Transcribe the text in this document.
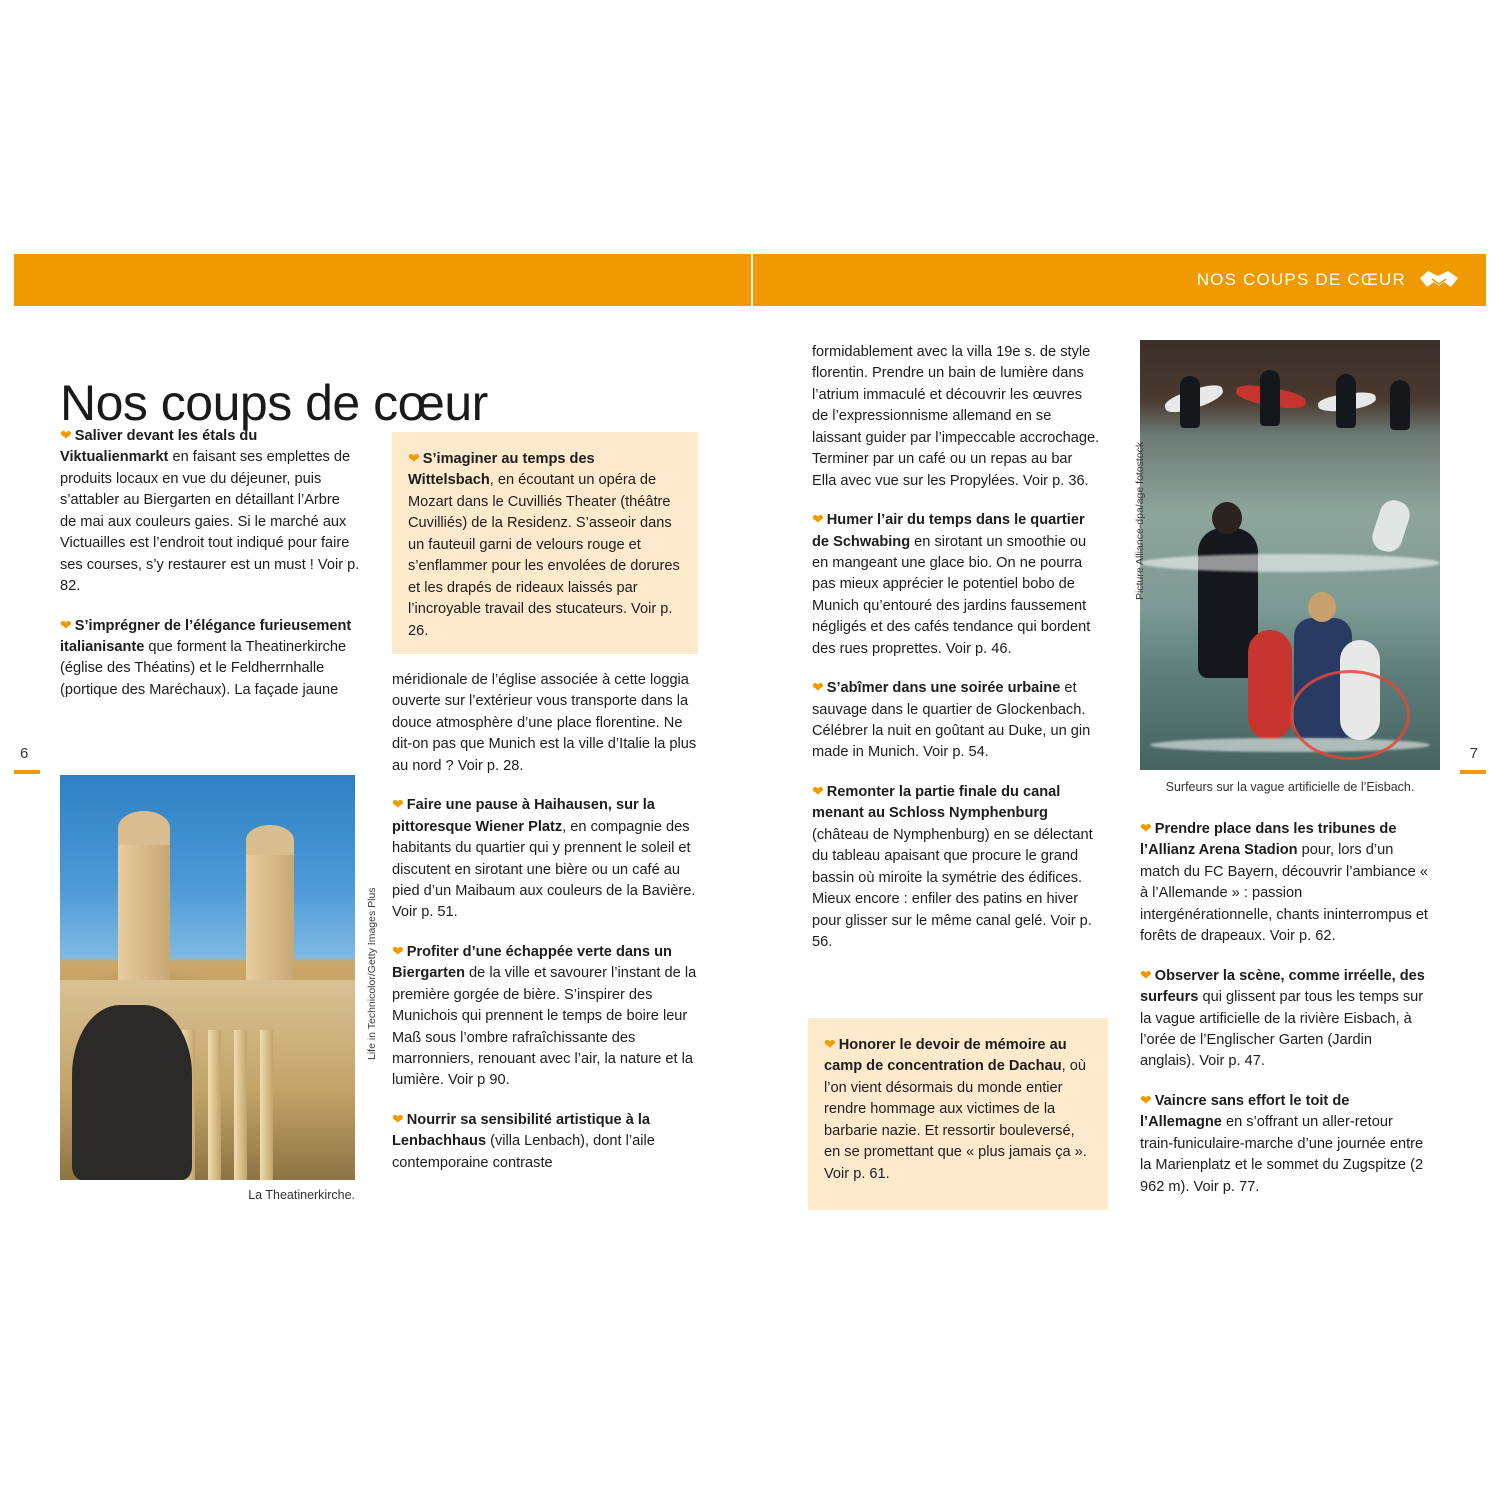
NOS COUPS DE CŒUR
6	7
Nos coups de cœur

❤ Saliver devant les étals du Viktualienmarkt en faisant ses emplettes de produits locaux en vue du déjeuner, puis s’attabler au Biergarten en détaillant l’Arbre de mai aux couleurs gaies. Si le marché aux Victuailles est l’endroit tout indiqué pour faire ses courses, s’y restaurer est un must ! Voir p. 82.

❤ S’imprégner de l’élégance furieusement italianisante que forment la Theatinerkirche (église des Théatins) et le Feldherrnhalle (portique des Maréchaux). La façade jaune

La Theatinerkirche.
Life in Technicolor/Getty Images Plus

❤ S’imaginer au temps des Wittelsbach, en écoutant un opéra de Mozart dans le Cuvilliés Theater (théâtre Cuvilliés) de la Residenz. S’asseoir dans un fauteuil garni de velours rouge et s’enflammer pour les envolées de dorures et les drapés de rideaux laissés par l’incroyable travail des stucateurs. Voir p. 26.

méridionale de l’église associée à cette loggia ouverte sur l’extérieur vous transporte dans la douce atmosphère d’une place florentine. Ne dit-on pas que Munich est la ville d’Italie la plus au nord ? Voir p. 28.

❤ Faire une pause à Haihausen, sur la pittoresque Wiener Platz, en compagnie des habitants du quartier qui y prennent le soleil et discutent en sirotant une bière ou un café au pied d’un Maibaum aux couleurs de la Bavière. Voir p. 51.

❤ Profiter d’une échappée verte dans un Biergarten de la ville et savourer l’instant de la première gorgée de bière. S’inspirer des Munichois qui prennent le temps de boire leur Maß sous l’ombre rafraîchissante des marronniers, renouant avec l’air, la nature et la lumière. Voir p 90.

❤ Nourrir sa sensibilité artistique à la Lenbachhaus (villa Lenbach), dont l’aile contemporaine contraste

formidablement avec la villa 19e s. de style florentin. Prendre un bain de lumière dans l’atrium immaculé et découvrir les œuvres de l’expressionnisme allemand en se laissant guider par l’impeccable accrochage. Terminer par un café ou un repas au bar Ella avec vue sur les Propylées. Voir p. 36.

❤ Humer l’air du temps dans le quartier de Schwabing en sirotant un smoothie ou en mangeant une glace bio. On ne pourra pas mieux apprécier le potentiel bobo de Munich qu’entouré des jardins faussement négligés et des cafés tendance qui bordent des rues proprettes. Voir p. 46.

❤ S’abîmer dans une soirée urbaine et sauvage dans le quartier de Glockenbach. Célébrer la nuit en goûtant au Duke, un gin made in Munich. Voir p. 54.

❤ Remonter la partie finale du canal menant au Schloss Nymphenburg (château de Nymphenburg) en se délectant du tableau apaisant que procure le grand bassin où miroite la symétrie des édifices. Mieux encore : enfiler des patins en hiver pour glisser sur le même canal gelé. Voir p. 56.

❤ Honorer le devoir de mémoire au camp de concentration de Dachau, où l’on vient désormais du monde entier rendre hommage aux victimes de la barbarie nazie. Et ressortir bouleversé, en se promettant que « plus jamais ça ». Voir p. 61.

Surfeurs sur la vague artificielle de l’Eisbach.
Picture Alliance-dpa/age fotostock

❤ Prendre place dans les tribunes de l’Allianz Arena Stadion pour, lors d’un match du FC Bayern, découvrir l’ambiance « à l’Allemande » : passion intergénérationnelle, chants ininterrompus et forêts de drapeaux. Voir p. 62.

❤ Observer la scène, comme irréelle, des surfeurs qui glissent par tous les temps sur la vague artificielle de la rivière Eisbach, à l’orée de l’Englischer Garten (Jardin anglais). Voir p. 47.

❤ Vaincre sans effort le toit de l’Allemagne en s’offrant un aller-retour train-funiculaire-marche d’une journée entre la Marienplatz et le sommet du Zugspitze (2 962 m). Voir p. 77.
